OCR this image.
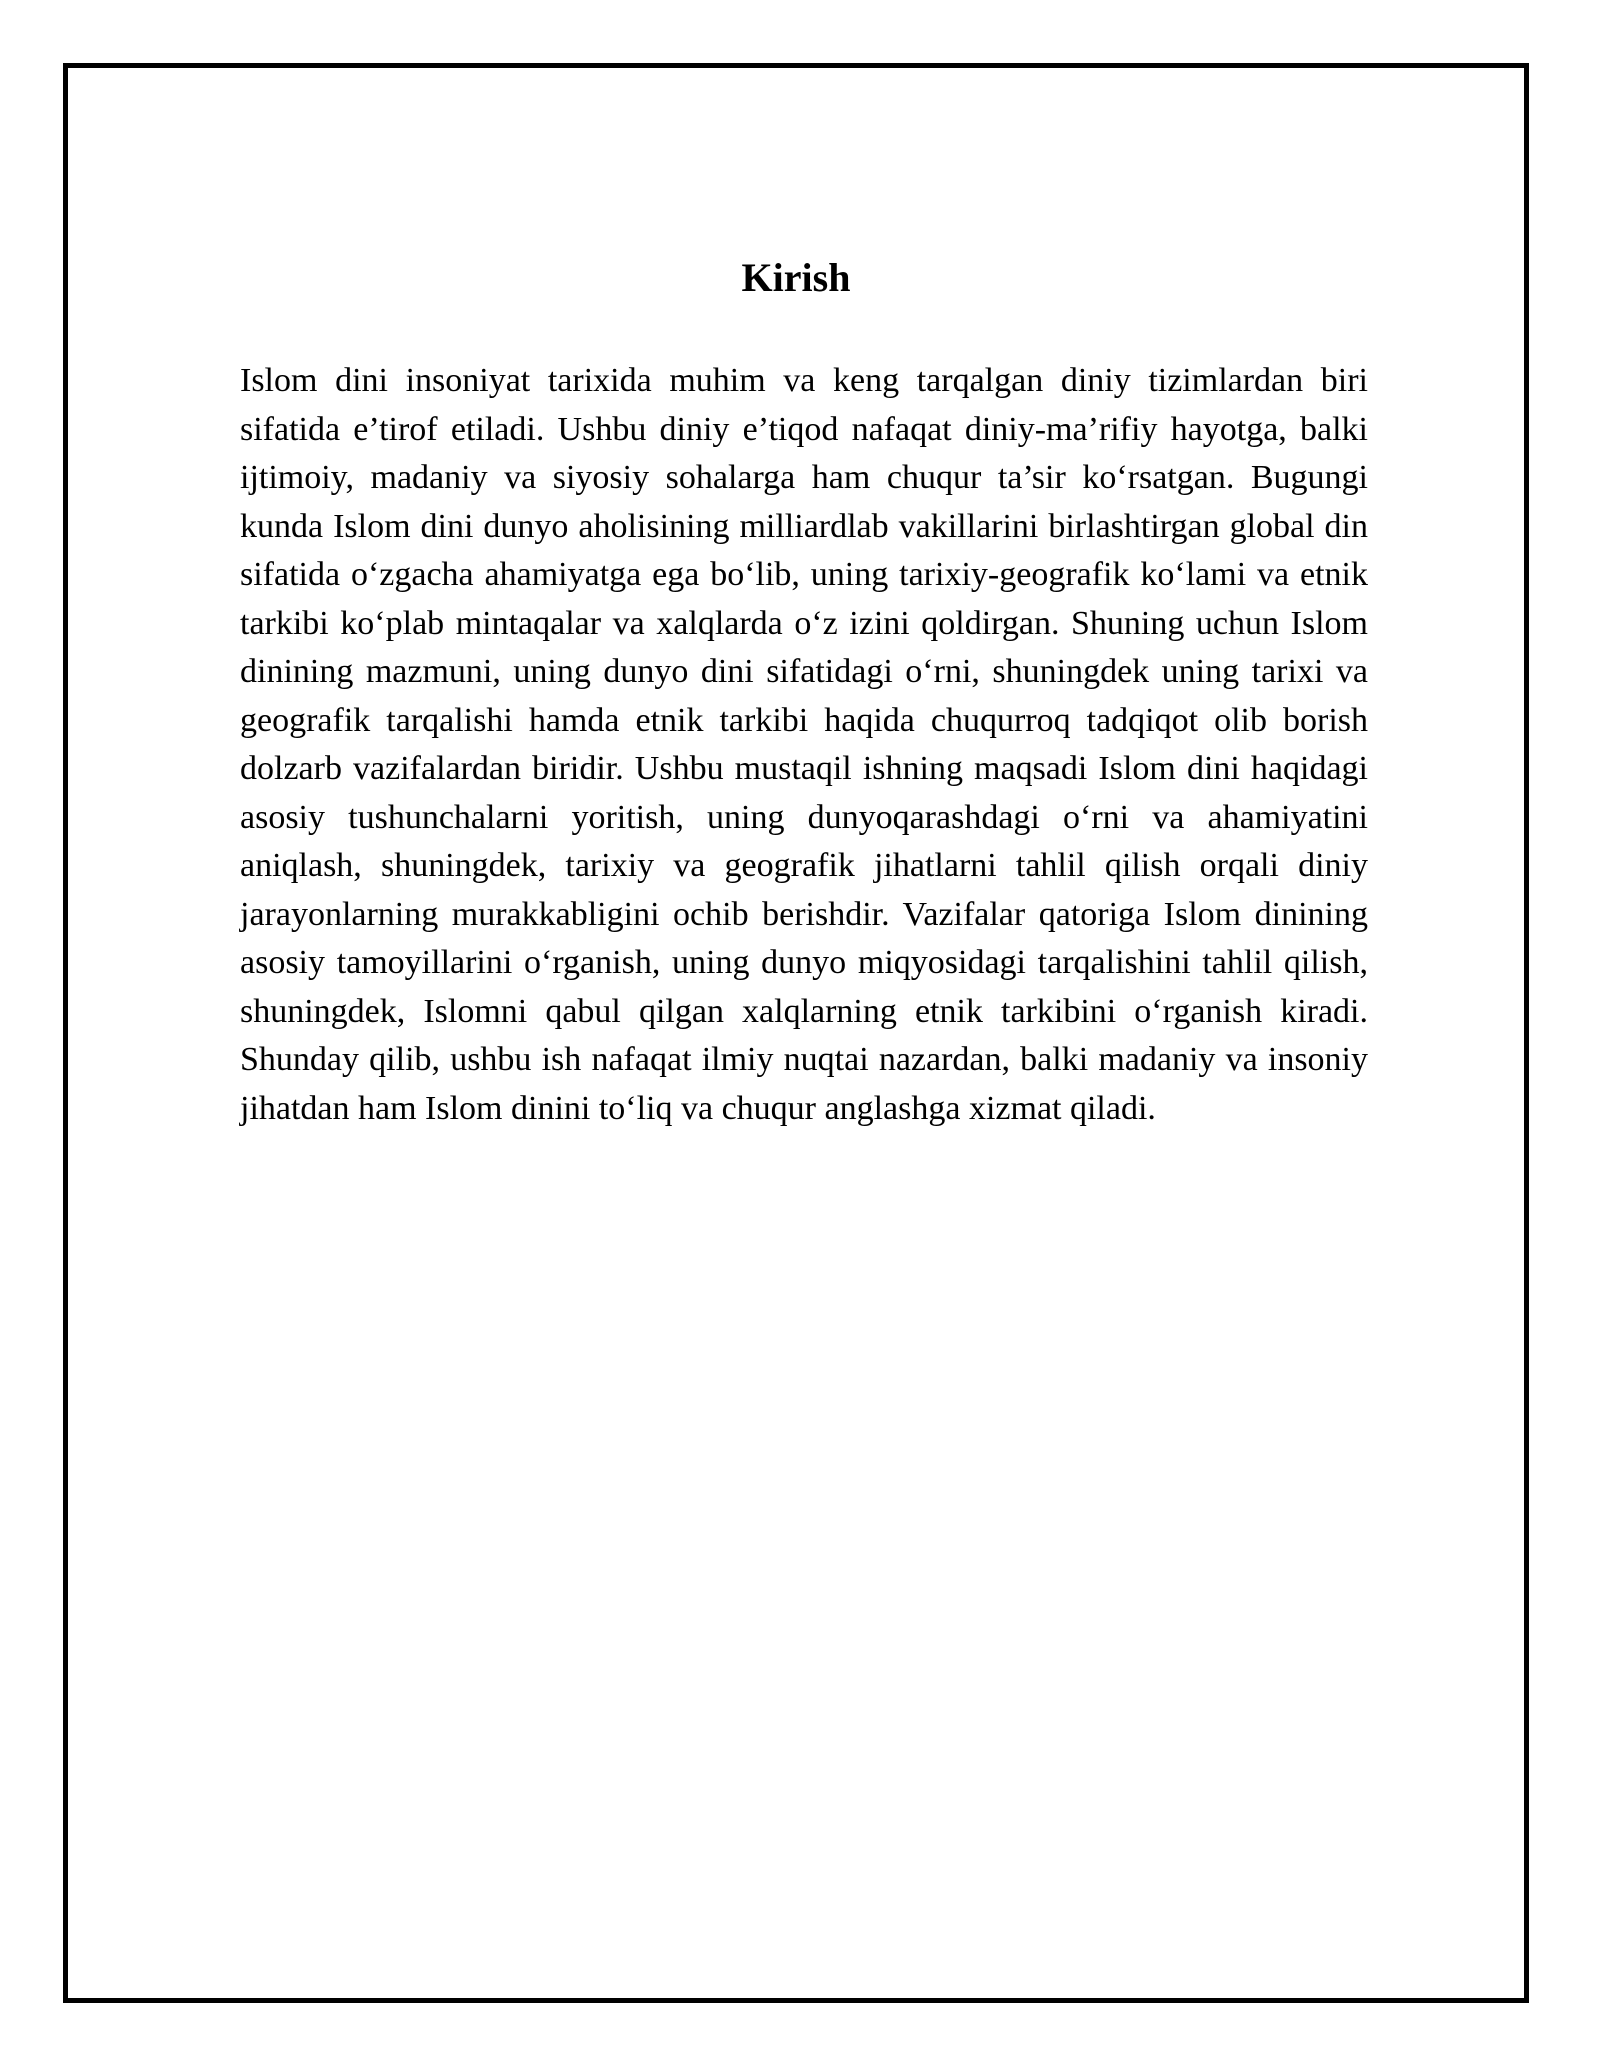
Kirish

Islom dini insoniyat tarixida muhim va keng tarqalgan diniy tizimlardan biri sifatida e’tirof etiladi. Ushbu diniy e’tiqod nafaqat diniy-ma’rifiy hayotga, balki ijtimoiy, madaniy va siyosiy sohalarga ham chuqur ta’sir ko‘rsatgan. Bugungi kunda Islom dini dunyo aholisining milliardlab vakillarini birlashtirgan global din sifatida o‘zgacha ahamiyatga ega bo‘lib, uning tarixiy-geografik ko‘lami va etnik tarkibi ko‘plab mintaqalar va xalqlarda o‘z izini qoldirgan. Shuning uchun Islom dinining mazmuni, uning dunyo dini sifatidagi o‘rni, shuningdek uning tarixi va geografik tarqalishi hamda etnik tarkibi haqida chuqurroq tadqiqot olib borish dolzarb vazifalardan biridir. Ushbu mustaqil ishning maqsadi Islom dini haqidagi asosiy tushunchalarni yoritish, uning dunyoqarashdagi o‘rni va ahamiyatini aniqlash, shuningdek, tarixiy va geografik jihatlarni tahlil qilish orqali diniy jarayonlarning murakkabligini ochib berishdir. Vazifalar qatoriga Islom dinining asosiy tamoyillarini o‘rganish, uning dunyo miqyosidagi tarqalishini tahlil qilish, shuningdek, Islomni qabul qilgan xalqlarning etnik tarkibini o‘rganish kiradi. Shunday qilib, ushbu ish nafaqat ilmiy nuqtai nazardan, balki madaniy va insoniy jihatdan ham Islom dinini to‘liq va chuqur anglashga xizmat qiladi.
